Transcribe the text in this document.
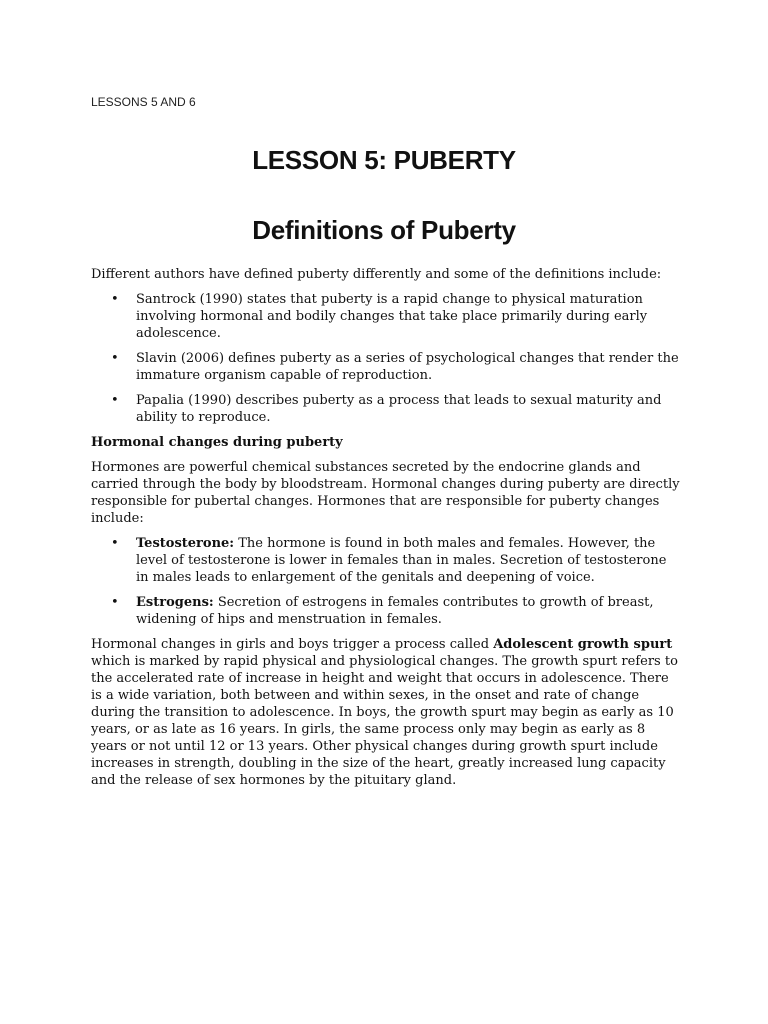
LESSONS 5 AND 6
LESSON 5: PUBERTY
Definitions of Puberty

Different authors have defined puberty differently and some of the definitions include:

• Santrock (1990) states that puberty is a rapid change to physical maturation involving hormonal and bodily changes that take place primarily during early adolescence.
• Slavin (2006) defines puberty as a series of psychological changes that render the immature organism capable of reproduction.
• Papalia (1990) describes puberty as a process that leads to sexual maturity and ability to reproduce.
Hormonal changes during puberty

Hormones are powerful chemical substances secreted by the endocrine glands and carried through the body by bloodstream. Hormonal changes during puberty are directly responsible for pubertal changes. Hormones that are responsible for puberty changes include:

• Testosterone: The hormone is found in both males and females. However, the level of testosterone is lower in females than in males. Secretion of testosterone in males leads to enlargement of the genitals and deepening of voice.
• Estrogens: Secretion of estrogens in females contributes to growth of breast, widening of hips and menstruation in females.

Hormonal changes in girls and boys trigger a process called Adolescent growth spurt which is marked by rapid physical and physiological changes. The growth spurt refers to the accelerated rate of increase in height and weight that occurs in adolescence. There is a wide variation, both between and within sexes, in the onset and rate of change during the transition to adolescence. In boys, the growth spurt may begin as early as 10 years, or as late as 16 years. In girls, the same process only may begin as early as 8 years or not until 12 or 13 years. Other physical changes during growth spurt include increases in strength, doubling in the size of the heart, greatly increased lung capacity and the release of sex hormones by the pituitary gland.
